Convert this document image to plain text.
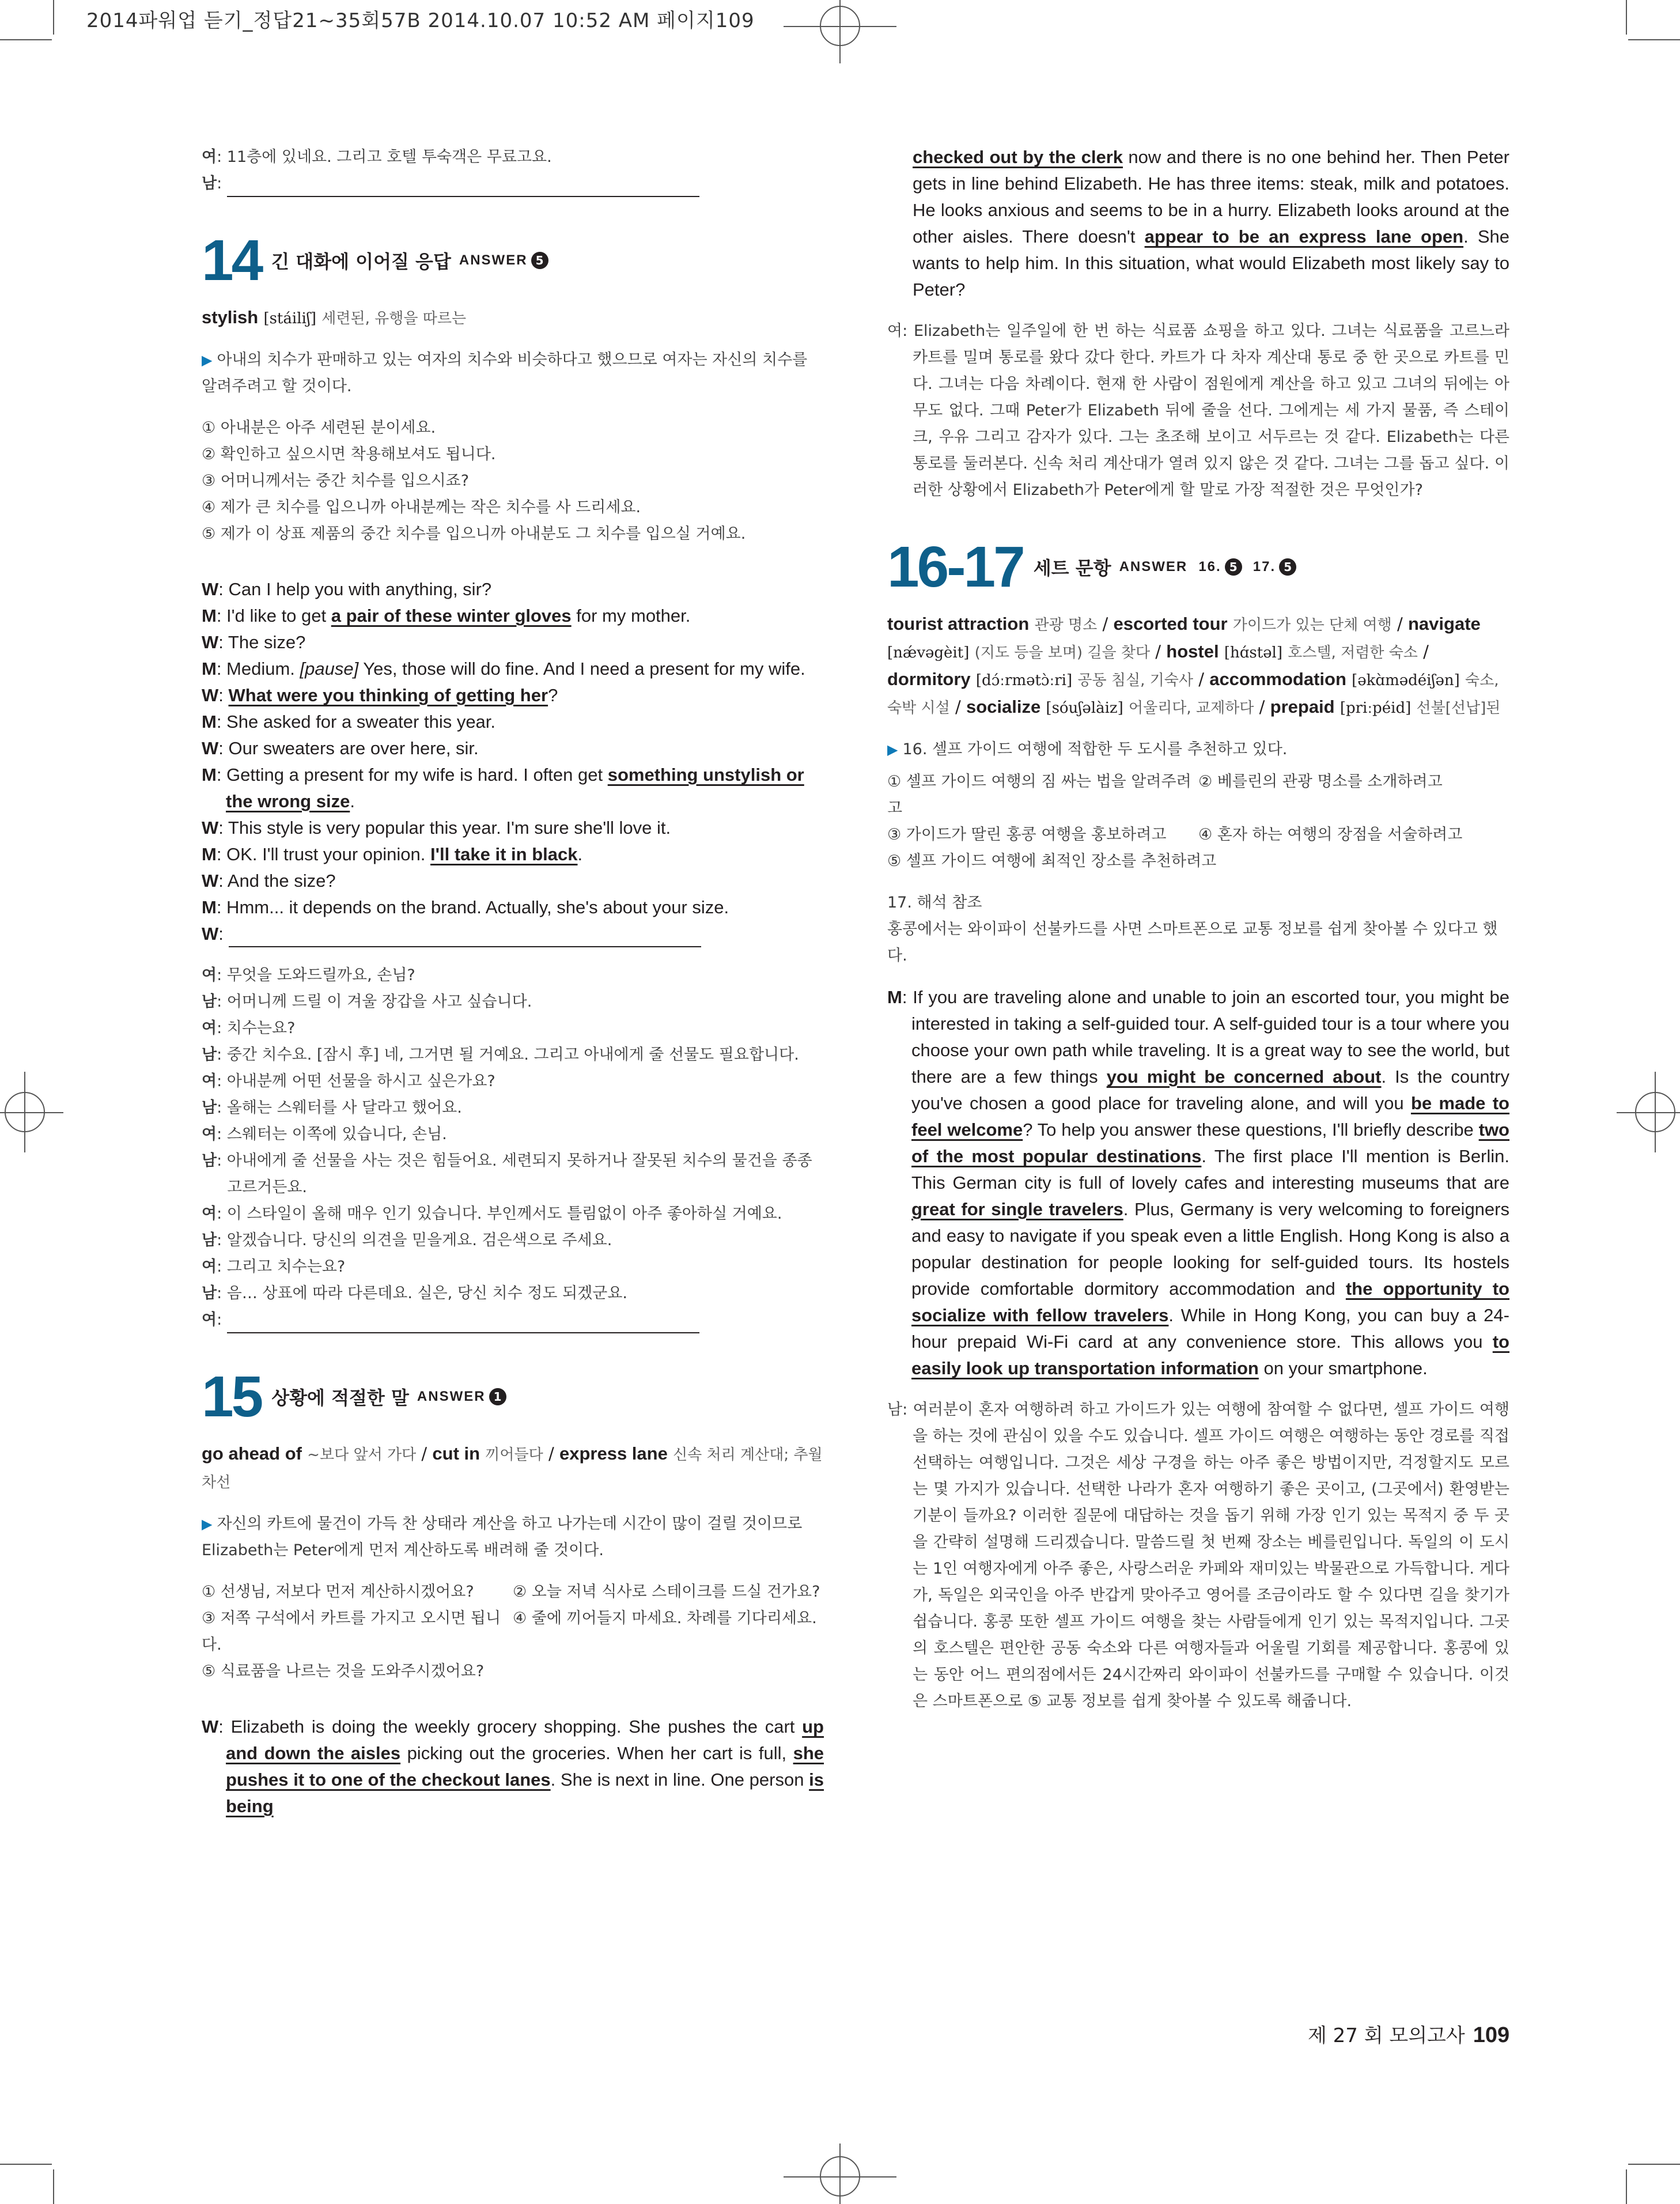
2014파워업 듣기_정답21~35회57B 2014.10.07 10:52 AM 페이지109
여: 11층에 있네요. 그리고 호텔 투숙객은 무료고요.
남:
14 긴 대화에 이어질 응답 ANSWER 5
stylish [stáiliʃ] 세련된, 유행을 따르는
▶ 아내의 치수가 판매하고 있는 여자의 치수와 비슷하다고 했으므로 여자는 자신의 치수를 알려주려고 할 것이다.
① 아내분은 아주 세련된 분이세요.
② 확인하고 싶으시면 착용해보셔도 됩니다.
③ 어머니께서는 중간 치수를 입으시죠?
④ 제가 큰 치수를 입으니까 아내분께는 작은 치수를 사 드리세요.
⑤ 제가 이 상표 제품의 중간 치수를 입으니까 아내분도 그 치수를 입으실 거예요.
W: Can I help you with anything, sir?
M: I'd like to get a pair of these winter gloves for my mother.
W: The size?
M: Medium. [pause] Yes, those will do fine. And I need a present for my wife.
W: What were you thinking of getting her?
M: She asked for a sweater this year.
W: Our sweaters are over here, sir.
M: Getting a present for my wife is hard. I often get something unstylish or the wrong size.
W: This style is very popular this year. I'm sure she'll love it.
M: OK. I'll trust your opinion. I'll take it in black.
W: And the size?
M: Hmm... it depends on the brand. Actually, she's about your size.
W:
여: 무엇을 도와드릴까요, 손님?
남: 어머니께 드릴 이 겨울 장갑을 사고 싶습니다.
여: 치수는요?
남: 중간 치수요. [잠시 후] 네, 그거면 될 거예요. 그리고 아내에게 줄 선물도 필요합니다.
여: 아내분께 어떤 선물을 하시고 싶은가요?
남: 올해는 스웨터를 사 달라고 했어요.
여: 스웨터는 이쪽에 있습니다, 손님.
남: 아내에게 줄 선물을 사는 것은 힘들어요. 세련되지 못하거나 잘못된 치수의 물건을 종종 고르거든요.
여: 이 스타일이 올해 매우 인기 있습니다. 부인께서도 틀림없이 아주 좋아하실 거예요.
남: 알겠습니다. 당신의 의견을 믿을게요. 검은색으로 주세요.
여: 그리고 치수는요?
남: 음… 상표에 따라 다른데요. 실은, 당신 치수 정도 되겠군요.
여:
15 상황에 적절한 말 ANSWER 1
go ahead of ~보다 앞서 가다 / cut in 끼어들다 / express lane 신속 처리 계산대; 추월 차선
▶ 자신의 카트에 물건이 가득 찬 상태라 계산을 하고 나가는데 시간이 많이 걸릴 것이므로 Elizabeth는 Peter에게 먼저 계산하도록 배려해 줄 것이다.
① 선생님, 저보다 먼저 계산하시겠어요?	② 오늘 저녁 식사로 스테이크를 드실 건가요?
③ 저쪽 구석에서 카트를 가지고 오시면 됩니다.
④ 줄에 끼어들지 마세요. 차례를 기다리세요.
⑤ 식료품을 나르는 것을 도와주시겠어요?
W: Elizabeth is doing the weekly grocery shopping. She pushes the cart up and down the aisles picking out the groceries. When her cart is full, she pushes it to one of the checkout lanes. She is next in line. One person is being
checked out by the clerk now and there is no one behind her. Then Peter gets in line behind Elizabeth. He has three items: steak, milk and potatoes. He looks anxious and seems to be in a hurry. Elizabeth looks around at the other aisles. There doesn't appear to be an express lane open. She wants to help him. In this situation, what would Elizabeth most likely say to Peter?
여: Elizabeth는 일주일에 한 번 하는 식료품 쇼핑을 하고 있다. 그녀는 식료품을 고르느라 카트를 밀며 통로를 왔다 갔다 한다. 카트가 다 차자 계산대 통로 중 한 곳으로 카트를 민다. 그녀는 다음 차례이다. 현재 한 사람이 점원에게 계산을 하고 있고 그녀의 뒤에는 아무도 없다. 그때 Peter가 Elizabeth 뒤에 줄을 선다. 그에게는 세 가지 물품, 즉 스테이크, 우유 그리고 감자가 있다. 그는 초조해 보이고 서두르는 것 같다. Elizabeth는 다른 통로를 둘러본다. 신속 처리 계산대가 열려 있지 않은 것 같다. 그녀는 그를 돕고 싶다. 이러한 상황에서 Elizabeth가 Peter에게 할 말로 가장 적절한 것은 무엇인가?
16-17 세트 문항 ANSWER 16. 5 17. 5
tourist attraction 관광 명소 / escorted tour 가이드가 있는 단체 여행 / navigate [nǽvəgèit] (지도 등을 보며) 길을 찾다 / hostel [hɑ́stəl] 호스텔, 저렴한 숙소 / dormitory [dɔ́ːrmətɔ̀ːri] 공동 침실, 기숙사 / accommodation [əkɑ̀mədéiʃən] 숙소, 숙박 시설 / socialize [sóuʃəlàiz] 어울리다, 교제하다 / prepaid [priːpéid] 선불[선납]된
▶ 16. 셀프 가이드 여행에 적합한 두 도시를 추천하고 있다.
① 셀프 가이드 여행의 짐 싸는 법을 알려주려고
② 베를린의 관광 명소를 소개하려고
③ 가이드가 딸린 홍콩 여행을 홍보하려고	④ 혼자 하는 여행의 장점을 서술하려고
⑤ 셀프 가이드 여행에 최적인 장소를 추천하려고
17. 해석 참조
홍콩에서는 와이파이 선불카드를 사면 스마트폰으로 교통 정보를 쉽게 찾아볼 수 있다고 했다.
M: If you are traveling alone and unable to join an escorted tour, you might be interested in taking a self-guided tour. A self-guided tour is a tour where you choose your own path while traveling. It is a great way to see the world, but there are a few things you might be concerned about. Is the country you've chosen a good place for traveling alone, and will you be made to feel welcome? To help you answer these questions, I'll briefly describe two of the most popular destinations. The first place I'll mention is Berlin. This German city is full of lovely cafes and interesting museums that are great for single travelers. Plus, Germany is very welcoming to foreigners and easy to navigate if you speak even a little English. Hong Kong is also a popular destination for people looking for self-guided tours. Its hostels provide comfortable dormitory accommodation and the opportunity to socialize with fellow travelers. While in Hong Kong, you can buy a 24-hour prepaid Wi-Fi card at any convenience store. This allows you to easily look up transportation information on your smartphone.
남: 여러분이 혼자 여행하려 하고 가이드가 있는 여행에 참여할 수 없다면, 셀프 가이드 여행을 하는 것에 관심이 있을 수도 있습니다. 셀프 가이드 여행은 여행하는 동안 경로를 직접 선택하는 여행입니다. 그것은 세상 구경을 하는 아주 좋은 방법이지만, 걱정할지도 모르는 몇 가지가 있습니다. 선택한 나라가 혼자 여행하기 좋은 곳이고, (그곳에서) 환영받는 기분이 들까요? 이러한 질문에 대답하는 것을 돕기 위해 가장 인기 있는 목적지 중 두 곳을 간략히 설명해 드리겠습니다. 말씀드릴 첫 번째 장소는 베를린입니다. 독일의 이 도시는 1인 여행자에게 아주 좋은, 사랑스러운 카페와 재미있는 박물관으로 가득합니다. 게다가, 독일은 외국인을 아주 반갑게 맞아주고 영어를 조금이라도 할 수 있다면 길을 찾기가 쉽습니다. 홍콩 또한 셀프 가이드 여행을 찾는 사람들에게 인기 있는 목적지입니다. 그곳의 호스텔은 편안한 공동 숙소와 다른 여행자들과 어울릴 기회를 제공합니다. 홍콩에 있는 동안 어느 편의점에서든 24시간짜리 와이파이 선불카드를 구매할 수 있습니다. 이것은 스마트폰으로 ⑤ 교통 정보를 쉽게 찾아볼 수 있도록 해줍니다.
제 27 회 모의고사 109
